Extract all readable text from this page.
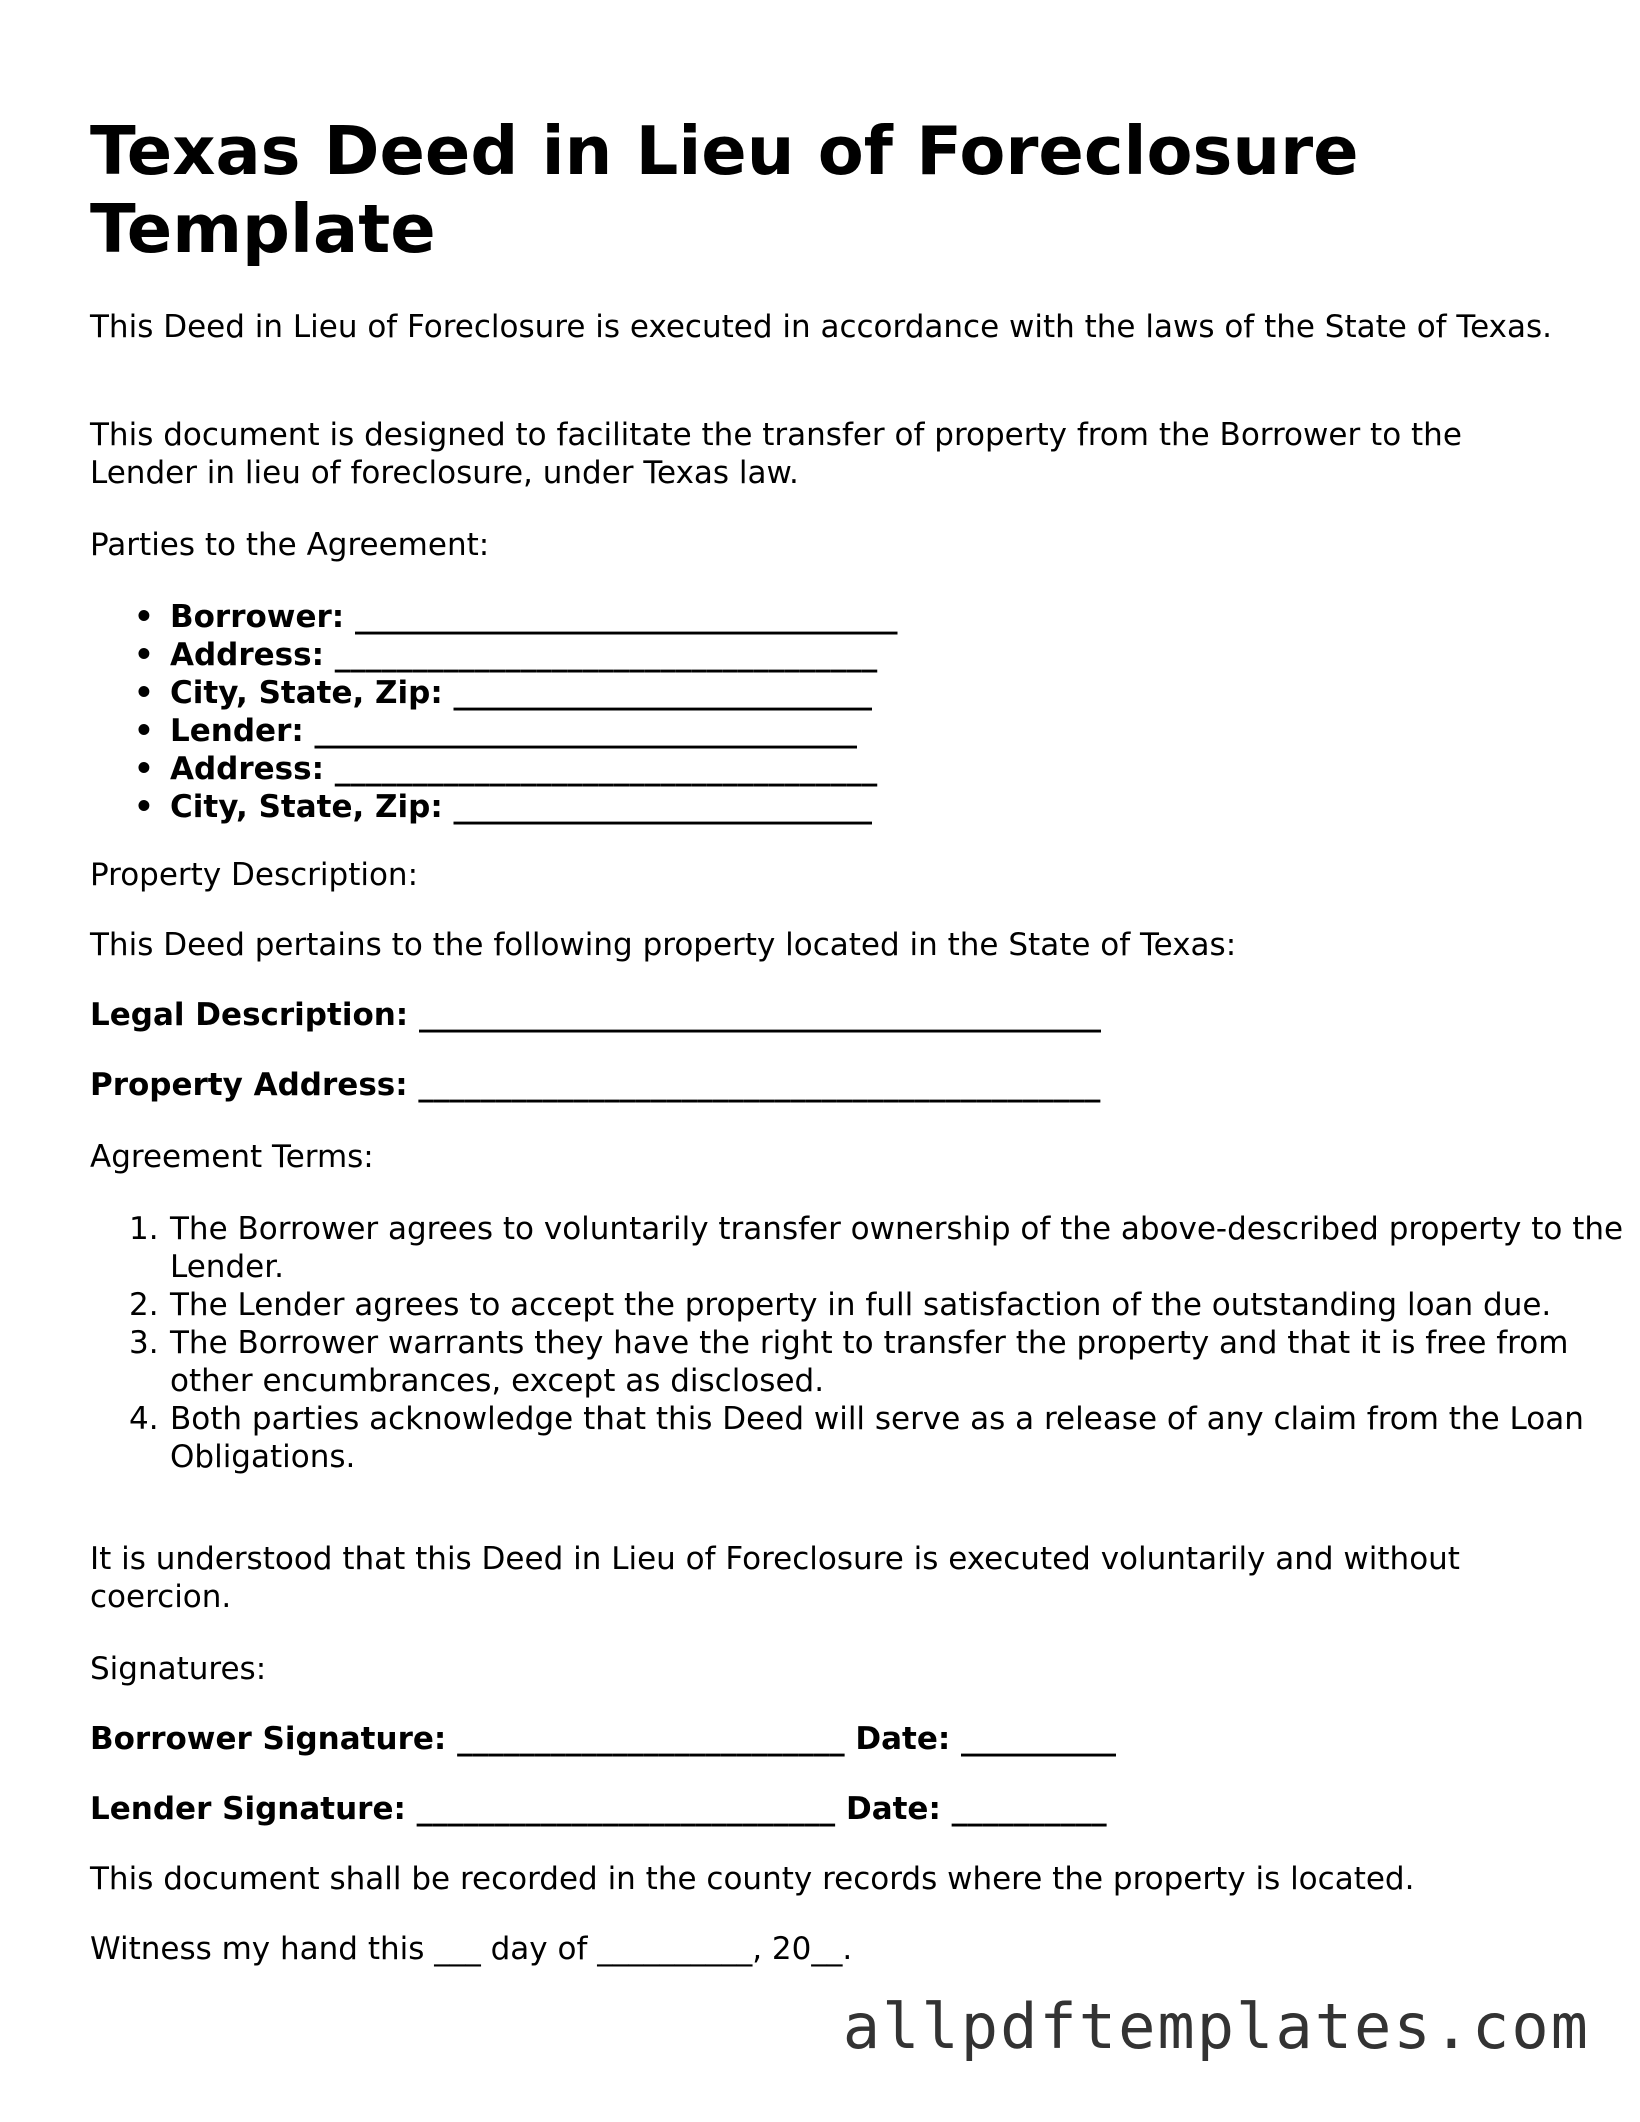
Texas Deed in Lieu of Foreclosure Template

This Deed in Lieu of Foreclosure is executed in accordance with the laws of the State of Texas.

This document is designed to facilitate the transfer of property from the Borrower to the Lender in lieu of foreclosure, under Texas law.

Parties to the Agreement:

• Borrower: ___________________________________
• Address: ___________________________________
• City, State, Zip: ___________________________
• Lender: ___________________________________
• Address: ___________________________________
• City, State, Zip: ___________________________

Property Description:

This Deed pertains to the following property located in the State of Texas:

Legal Description: ____________________________________________

Property Address: ____________________________________________

Agreement Terms:

1. The Borrower agrees to voluntarily transfer ownership of the above-described property to the Lender.
2. The Lender agrees to accept the property in full satisfaction of the outstanding loan due.
3. The Borrower warrants they have the right to transfer the property and that it is free from other encumbrances, except as disclosed.
4. Both parties acknowledge that this Deed will serve as a release of any claim from the Loan Obligations.

It is understood that this Deed in Lieu of Foreclosure is executed voluntarily and without coercion.

Signatures:

Borrower Signature: _________________________ Date: __________

Lender Signature: ___________________________ Date: __________

This document shall be recorded in the county records where the property is located.

Witness my hand this ___ day of __________, 20__.

allpdftemplates.com
